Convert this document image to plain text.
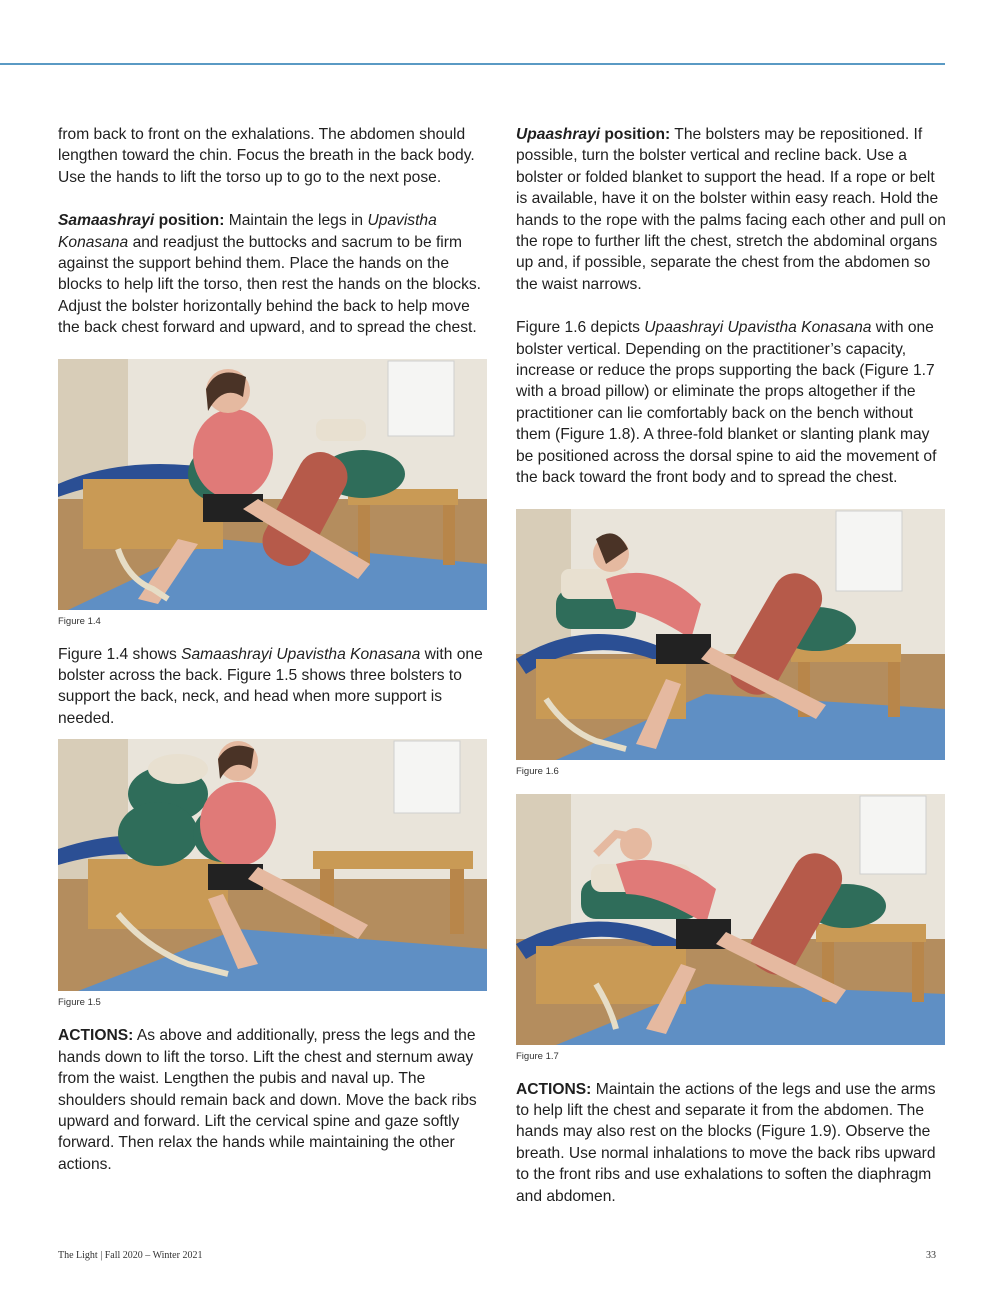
from back to front on the exhalations. The abdomen should lengthen toward the chin. Focus the breath in the back body. Use the hands to lift the torso up to go to the next pose.

Samaashrayi position: Maintain the legs in Upavistha Konasana and readjust the buttocks and sacrum to be firm against the support behind them. Place the hands on the blocks to help lift the torso, then rest the hands on the blocks. Adjust the bolster horizontally behind the back to help move the back chest forward and upward, and to spread the chest.

Figure 1.4

Figure 1.4 shows Samaashrayi Upavistha Konasana with one bolster across the back. Figure 1.5 shows three bolsters to support the back, neck, and head when more support is needed.

Figure 1.5

ACTIONS: As above and additionally, press the legs and the hands down to lift the torso. Lift the chest and sternum away from the waist. Lengthen the pubis and naval up. The shoulders should remain back and down. Move the back ribs upward and forward. Lift the cervical spine and gaze softly forward. Then relax the hands while maintaining the other actions.

Upaashrayi position: The bolsters may be repositioned. If possible, turn the bolster vertical and recline back. Use a bolster or folded blanket to support the head. If a rope or belt is available, have it on the bolster within easy reach. Hold the hands to the rope with the palms facing each other and pull on the rope to further lift the chest, stretch the abdominal organs up and, if possible, separate the chest from the abdomen so the waist narrows.

Figure 1.6 depicts Upaashrayi Upavistha Konasana with one bolster vertical. Depending on the practitioner’s capacity, increase or reduce the props supporting the back (Figure 1.7 with a broad pillow) or eliminate the props altogether if the practitioner can lie comfortably back on the bench without them (Figure 1.8). A three-fold blanket or slanting plank may be positioned across the dorsal spine to aid the movement of the back toward the front body and to spread the chest.

Figure 1.6
Figure 1.7

ACTIONS: Maintain the actions of the legs and use the arms to help lift the chest and separate it from the abdomen. The hands may also rest on the blocks (Figure 1.9). Observe the breath. Use normal inhalations to move the back ribs upward to the front ribs and use exhalations to soften the diaphragm and abdomen.

The Light | Fall 2020 – Winter 2021	33
